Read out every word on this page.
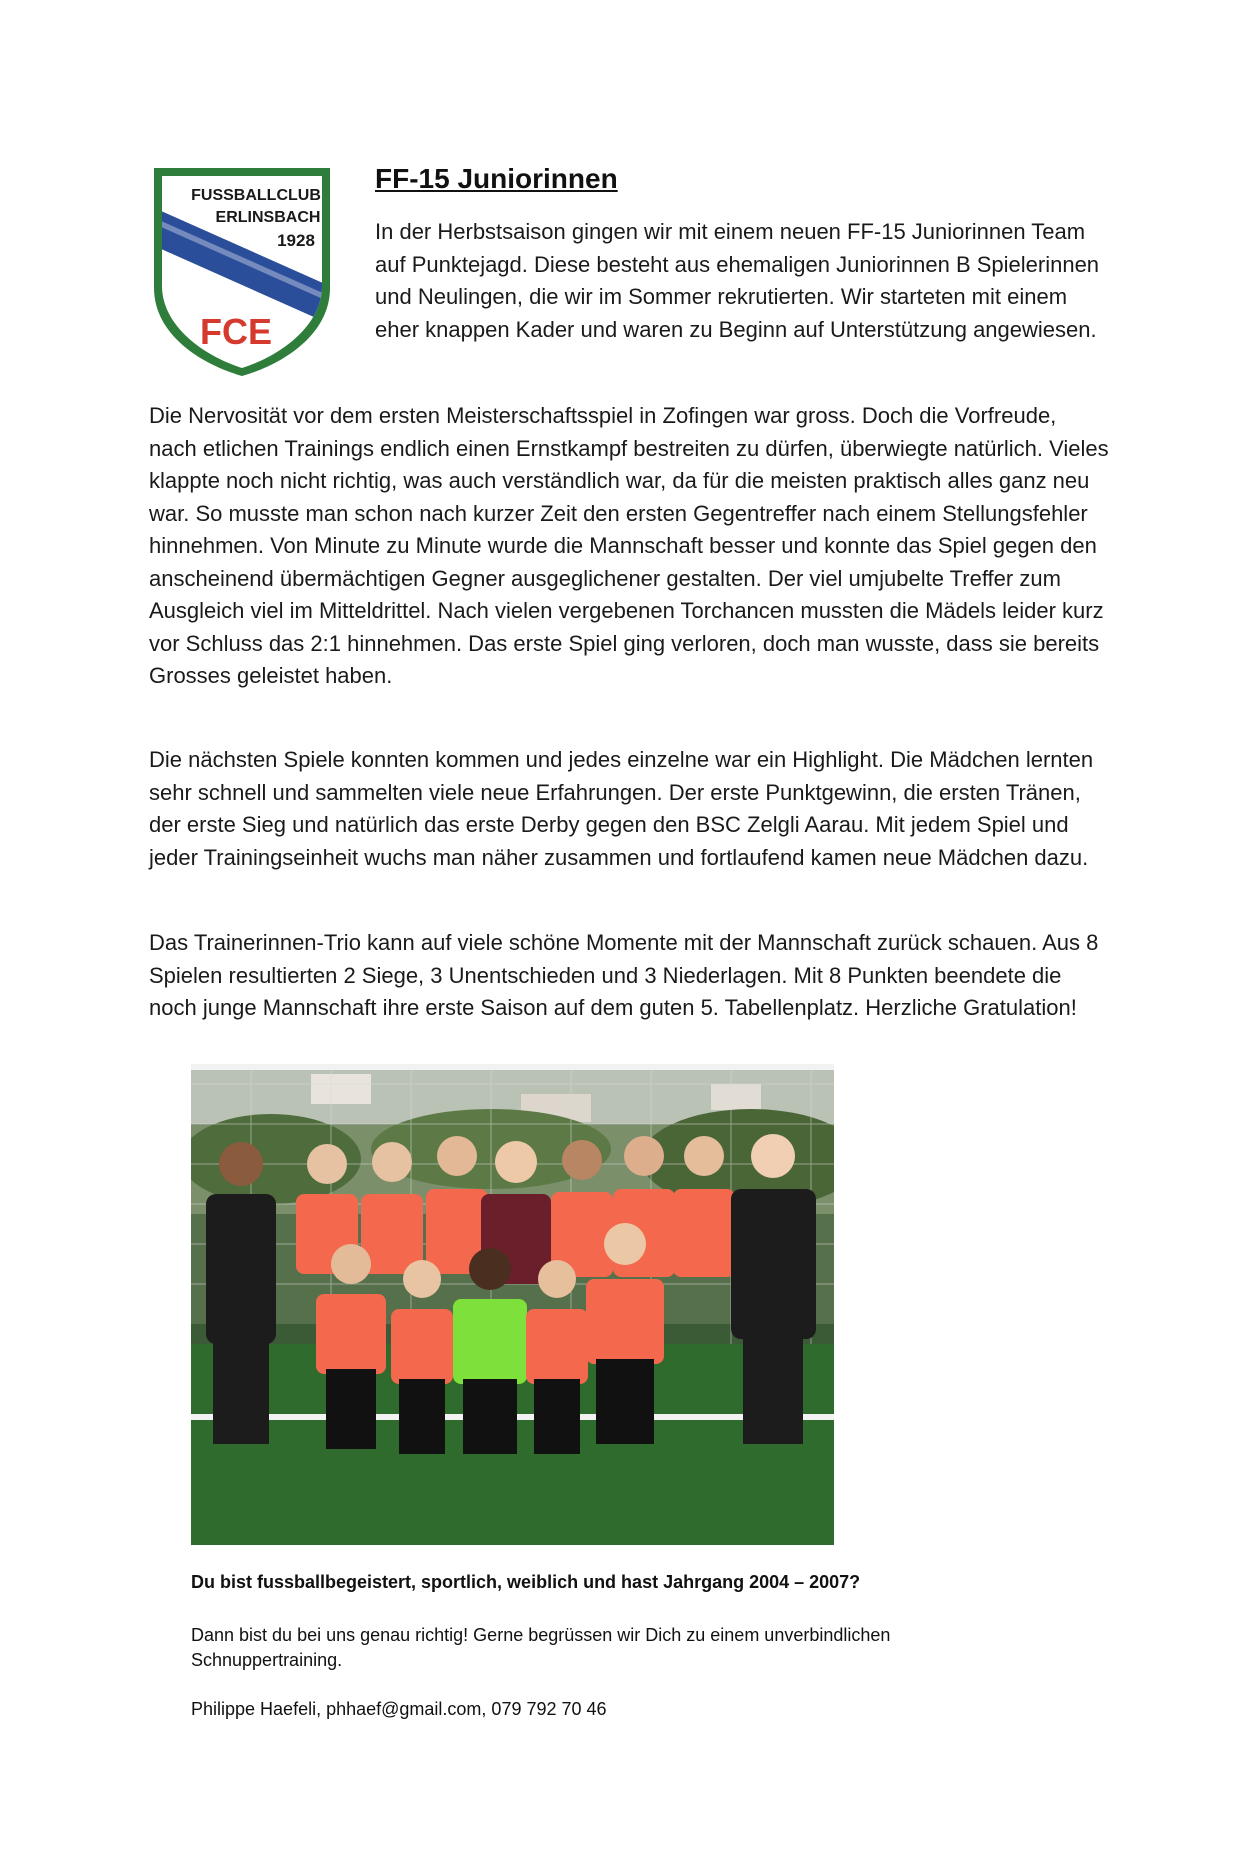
FUSSBALLCLUB
ERLINSBACH
1928
FCE
FF-15 Juniorinnen

In der Herbstsaison gingen wir mit einem neuen FF-15 Juniorinnen Team auf Punktejagd. Diese besteht aus ehemaligen Juniorinnen B Spielerinnen und Neulingen, die wir im Sommer rekrutierten. Wir starteten mit einem eher knappen Kader und waren zu Beginn auf Unterstützung angewiesen.

Die Nervosität vor dem ersten Meisterschaftsspiel in Zofingen war gross. Doch die Vorfreude, nach etlichen Trainings endlich einen Ernstkampf bestreiten zu dürfen, überwiegte natürlich. Vieles klappte noch nicht richtig, was auch verständlich war, da für die meisten praktisch alles ganz neu war. So musste man schon nach kurzer Zeit den ersten Gegentreffer nach einem Stellungsfehler hinnehmen. Von Minute zu Minute wurde die Mannschaft besser und konnte das Spiel gegen den anscheinend übermächtigen Gegner ausgeglichener gestalten. Der viel umjubelte Treffer zum Ausgleich viel im Mitteldrittel. Nach vielen vergebenen Torchancen mussten die Mädels leider kurz vor Schluss das 2:1 hinnehmen. Das erste Spiel ging verloren, doch man wusste, dass sie bereits Grosses geleistet haben.

Die nächsten Spiele konnten kommen und jedes einzelne war ein Highlight. Die Mädchen lernten sehr schnell und sammelten viele neue Erfahrungen. Der erste Punktgewinn, die ersten Tränen, der erste Sieg und natürlich das erste Derby gegen den BSC Zelgli Aarau. Mit jedem Spiel und jeder Trainingseinheit wuchs man näher zusammen und fortlaufend kamen neue Mädchen dazu.

Das Trainerinnen-Trio kann auf viele schöne Momente mit der Mannschaft zurück schauen. Aus 8 Spielen resultierten 2 Siege, 3 Unentschieden und 3 Niederlagen. Mit 8 Punkten beendete die noch junge Mannschaft ihre erste Saison auf dem guten 5. Tabellenplatz. Herzliche Gratulation!

Du bist fussballbegeistert, sportlich, weiblich und hast Jahrgang 2004 – 2007?

Dann bist du bei uns genau richtig! Gerne begrüssen wir Dich zu einem unverbindlichen Schnuppertraining.

Philippe Haefeli, phhaef@gmail.com, 079 792 70 46
